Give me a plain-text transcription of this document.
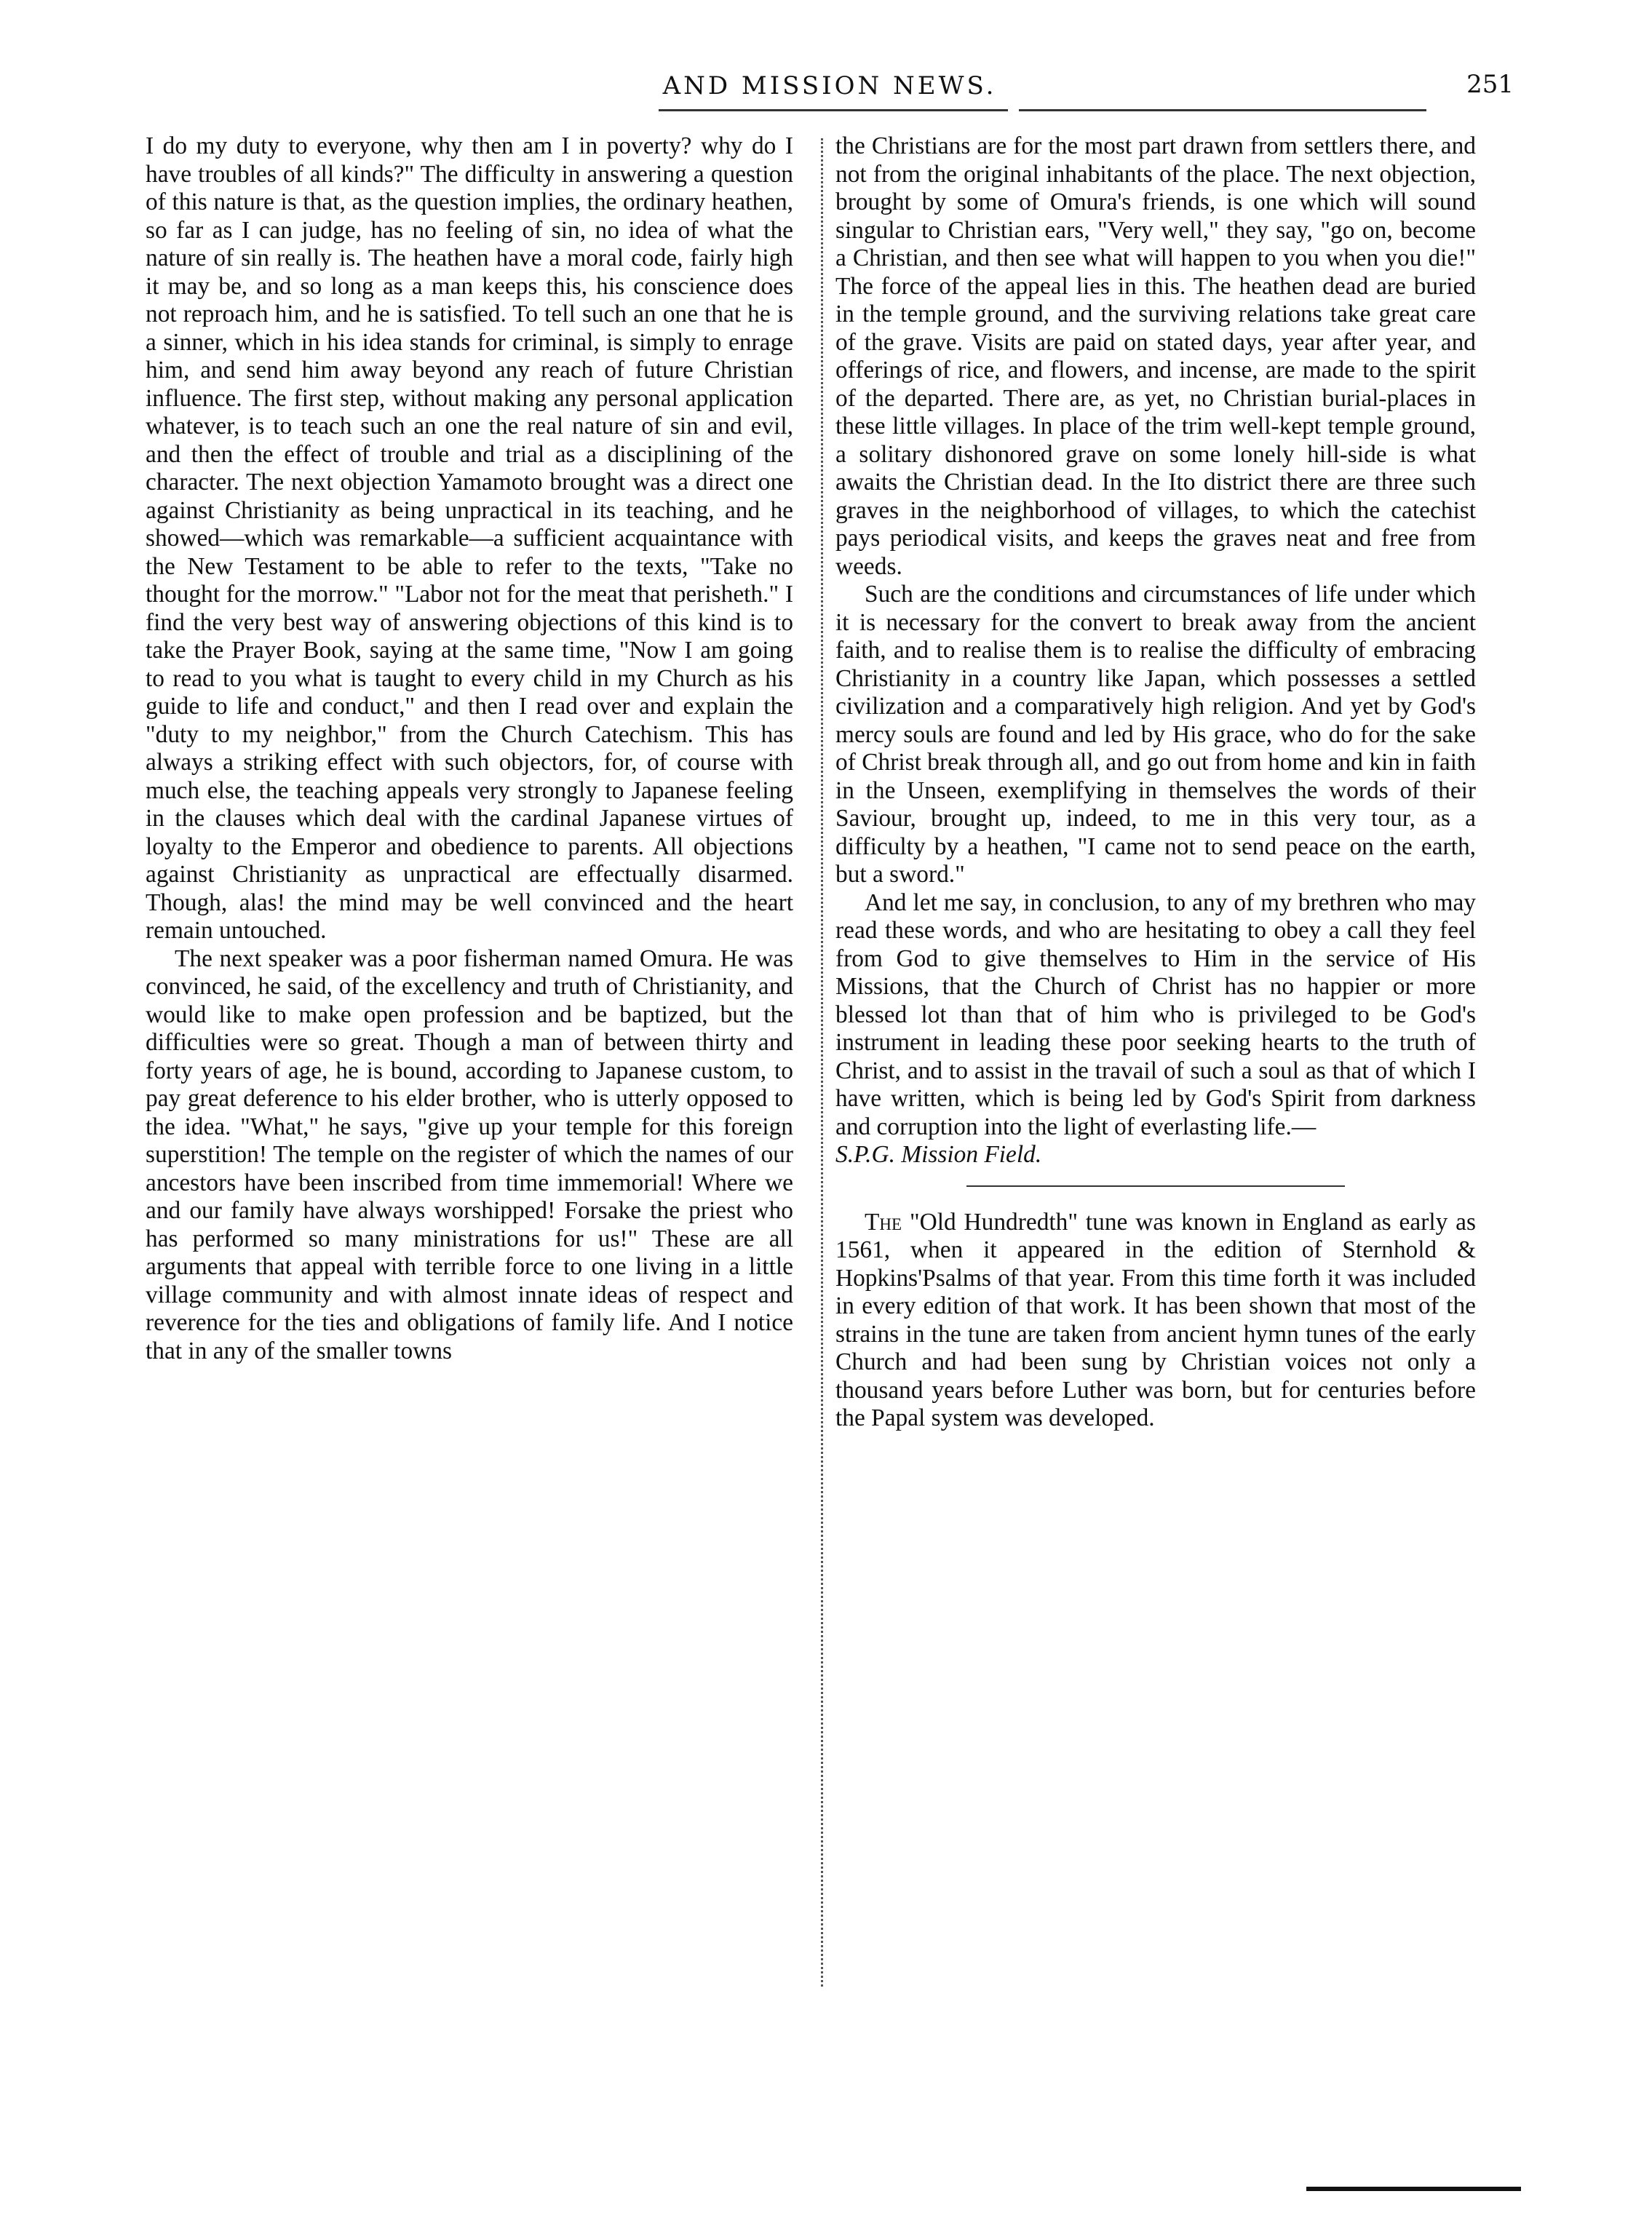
AND MISSION NEWS.	251

I do my duty to everyone, why then am I in poverty? why do I have troubles of all kinds?" The difficulty in answering a question of this nature is that, as the question implies, the ordinary heathen, so far as I can judge, has no feeling of sin, no idea of what the nature of sin really is. The heathen have a moral code, fairly high it may be, and so long as a man keeps this, his conscience does not reproach him, and he is satisfied. To tell such an one that he is a sinner, which in his idea stands for criminal, is simply to enrage him, and send him away beyond any reach of future Christian influence. The first step, without making any personal application whatever, is to teach such an one the real nature of sin and evil, and then the effect of trouble and trial as a disciplining of the character. The next objection Yamamoto brought was a direct one against Christianity as being unpractical in its teaching, and he showed—which was remarkable—a sufficient acquaintance with the New Testament to be able to refer to the texts, "Take no thought for the morrow." "Labor not for the meat that perisheth." I find the very best way of answering objections of this kind is to take the Prayer Book, saying at the same time, "Now I am going to read to you what is taught to every child in my Church as his guide to life and conduct," and then I read over and explain the "duty to my neighbor," from the Church Catechism. This has always a striking effect with such objectors, for, of course with much else, the teaching appeals very strongly to Japanese feeling in the clauses which deal with the cardinal Japanese virtues of loyalty to the Emperor and obedience to parents. All objections against Christianity as unpractical are effectually disarmed. Though, alas! the mind may be well convinced and the heart remain untouched.

The next speaker was a poor fisherman named Omura. He was convinced, he said, of the excellency and truth of Christianity, and would like to make open profession and be baptized, but the difficulties were so great. Though a man of between thirty and forty years of age, he is bound, according to Japanese custom, to pay great deference to his elder brother, who is utterly opposed to the idea. "What," he says, "give up your temple for this foreign superstition! The temple on the register of which the names of our ancestors have been inscribed from time immemorial! Where we and our family have always worshipped! Forsake the priest who has performed so many ministrations for us!" These are all arguments that appeal with terrible force to one living in a little village community and with almost innate ideas of respect and reverence for the ties and obligations of family life. And I notice that in any of the smaller towns

the Christians are for the most part drawn from settlers there, and not from the original inhabitants of the place. The next objection, brought by some of Omura's friends, is one which will sound singular to Christian ears, "Very well," they say, "go on, become a Christian, and then see what will happen to you when you die!" The force of the appeal lies in this. The heathen dead are buried in the temple ground, and the surviving relations take great care of the grave. Visits are paid on stated days, year after year, and offerings of rice, and flowers, and incense, are made to the spirit of the departed. There are, as yet, no Christian burial-places in these little villages. In place of the trim well-kept temple ground, a solitary dishonored grave on some lonely hill-side is what awaits the Christian dead. In the Ito district there are three such graves in the neighborhood of villages, to which the catechist pays periodical visits, and keeps the graves neat and free from weeds.

Such are the conditions and circumstances of life under which it is necessary for the convert to break away from the ancient faith, and to realise them is to realise the difficulty of embracing Christianity in a country like Japan, which possesses a settled civilization and a comparatively high religion. And yet by God's mercy souls are found and led by His grace, who do for the sake of Christ break through all, and go out from home and kin in faith in the Unseen, exemplifying in themselves the words of their Saviour, brought up, indeed, to me in this very tour, as a difficulty by a heathen, "I came not to send peace on the earth, but a sword."

And let me say, in conclusion, to any of my brethren who may read these words, and who are hesitating to obey a call they feel from God to give themselves to Him in the service of His Missions, that the Church of Christ has no happier or more blessed lot than that of him who is privileged to be God's instrument in leading these poor seeking hearts to the truth of Christ, and to assist in the travail of such a soul as that of which I have written, which is being led by God's Spirit from darkness and corruption into the light of everlasting life.—
S.P.G. Mission Field.

The "Old Hundredth" tune was known in England as early as 1561, when it appeared in the edition of Sternhold & Hopkins'Psalms of that year. From this time forth it was included in every edition of that work. It has been shown that most of the strains in the tune are taken from ancient hymn tunes of the early Church and had been sung by Christian voices not only a thousand years before Luther was born, but for centuries before the Papal system was developed.
